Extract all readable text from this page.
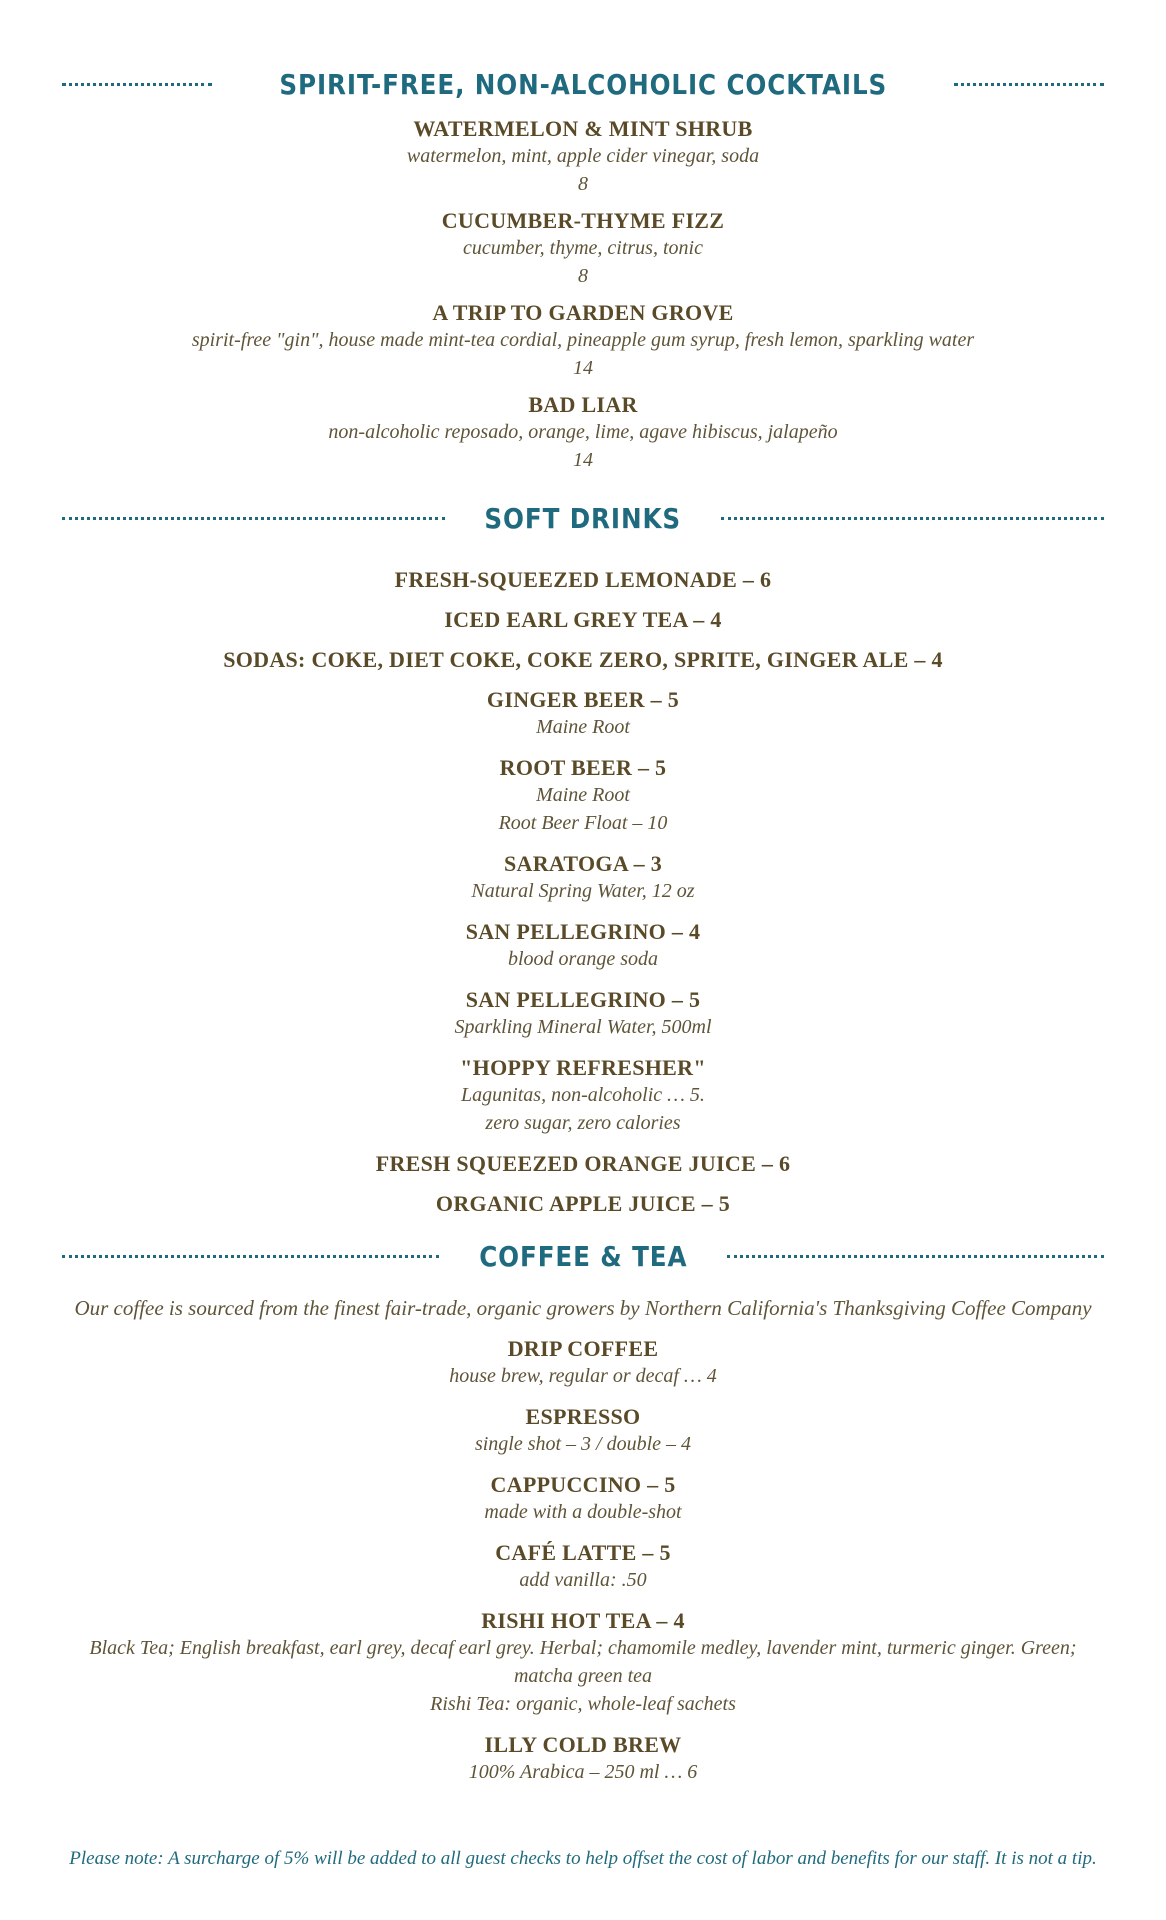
SPIRIT-FREE, NON-ALCOHOLIC COCKTAILS
WATERMELON & MINT SHRUB
watermelon, mint, apple cider vinegar, soda
8
CUCUMBER-THYME FIZZ
cucumber, thyme, citrus, tonic
8
A TRIP TO GARDEN GROVE
spirit-free "gin", house made mint-tea cordial, pineapple gum syrup, fresh lemon, sparkling water
14
BAD LIAR
non-alcoholic reposado, orange, lime, agave hibiscus, jalapeño
14
SOFT DRINKS
FRESH-SQUEEZED LEMONADE – 6
ICED EARL GREY TEA – 4
SODAS: COKE, DIET COKE, COKE ZERO, SPRITE, GINGER ALE – 4
GINGER BEER – 5
Maine Root
ROOT BEER – 5
Maine Root
Root Beer Float – 10
SARATOGA – 3
Natural Spring Water, 12 oz
SAN PELLEGRINO – 4
blood orange soda
SAN PELLEGRINO – 5
Sparkling Mineral Water, 500ml
"HOPPY REFRESHER"
Lagunitas, non-alcoholic … 5.
zero sugar, zero calories
FRESH SQUEEZED ORANGE JUICE – 6
ORGANIC APPLE JUICE – 5
COFFEE & TEA
Our coffee is sourced from the finest fair-trade, organic growers by Northern California's Thanksgiving Coffee Company
DRIP COFFEE
house brew, regular or decaf … 4
ESPRESSO
single shot – 3 / double – 4
CAPPUCCINO – 5
made with a double-shot
CAFÉ LATTE – 5
add vanilla: .50
RISHI HOT TEA – 4
Black Tea; English breakfast, earl grey, decaf earl grey. Herbal; chamomile medley, lavender mint, turmeric ginger. Green;
matcha green tea
Rishi Tea: organic, whole-leaf sachets
ILLY COLD BREW
100% Arabica – 250 ml … 6
Please note: A surcharge of 5% will be added to all guest checks to help offset the cost of labor and benefits for our staff. It is not a tip.
